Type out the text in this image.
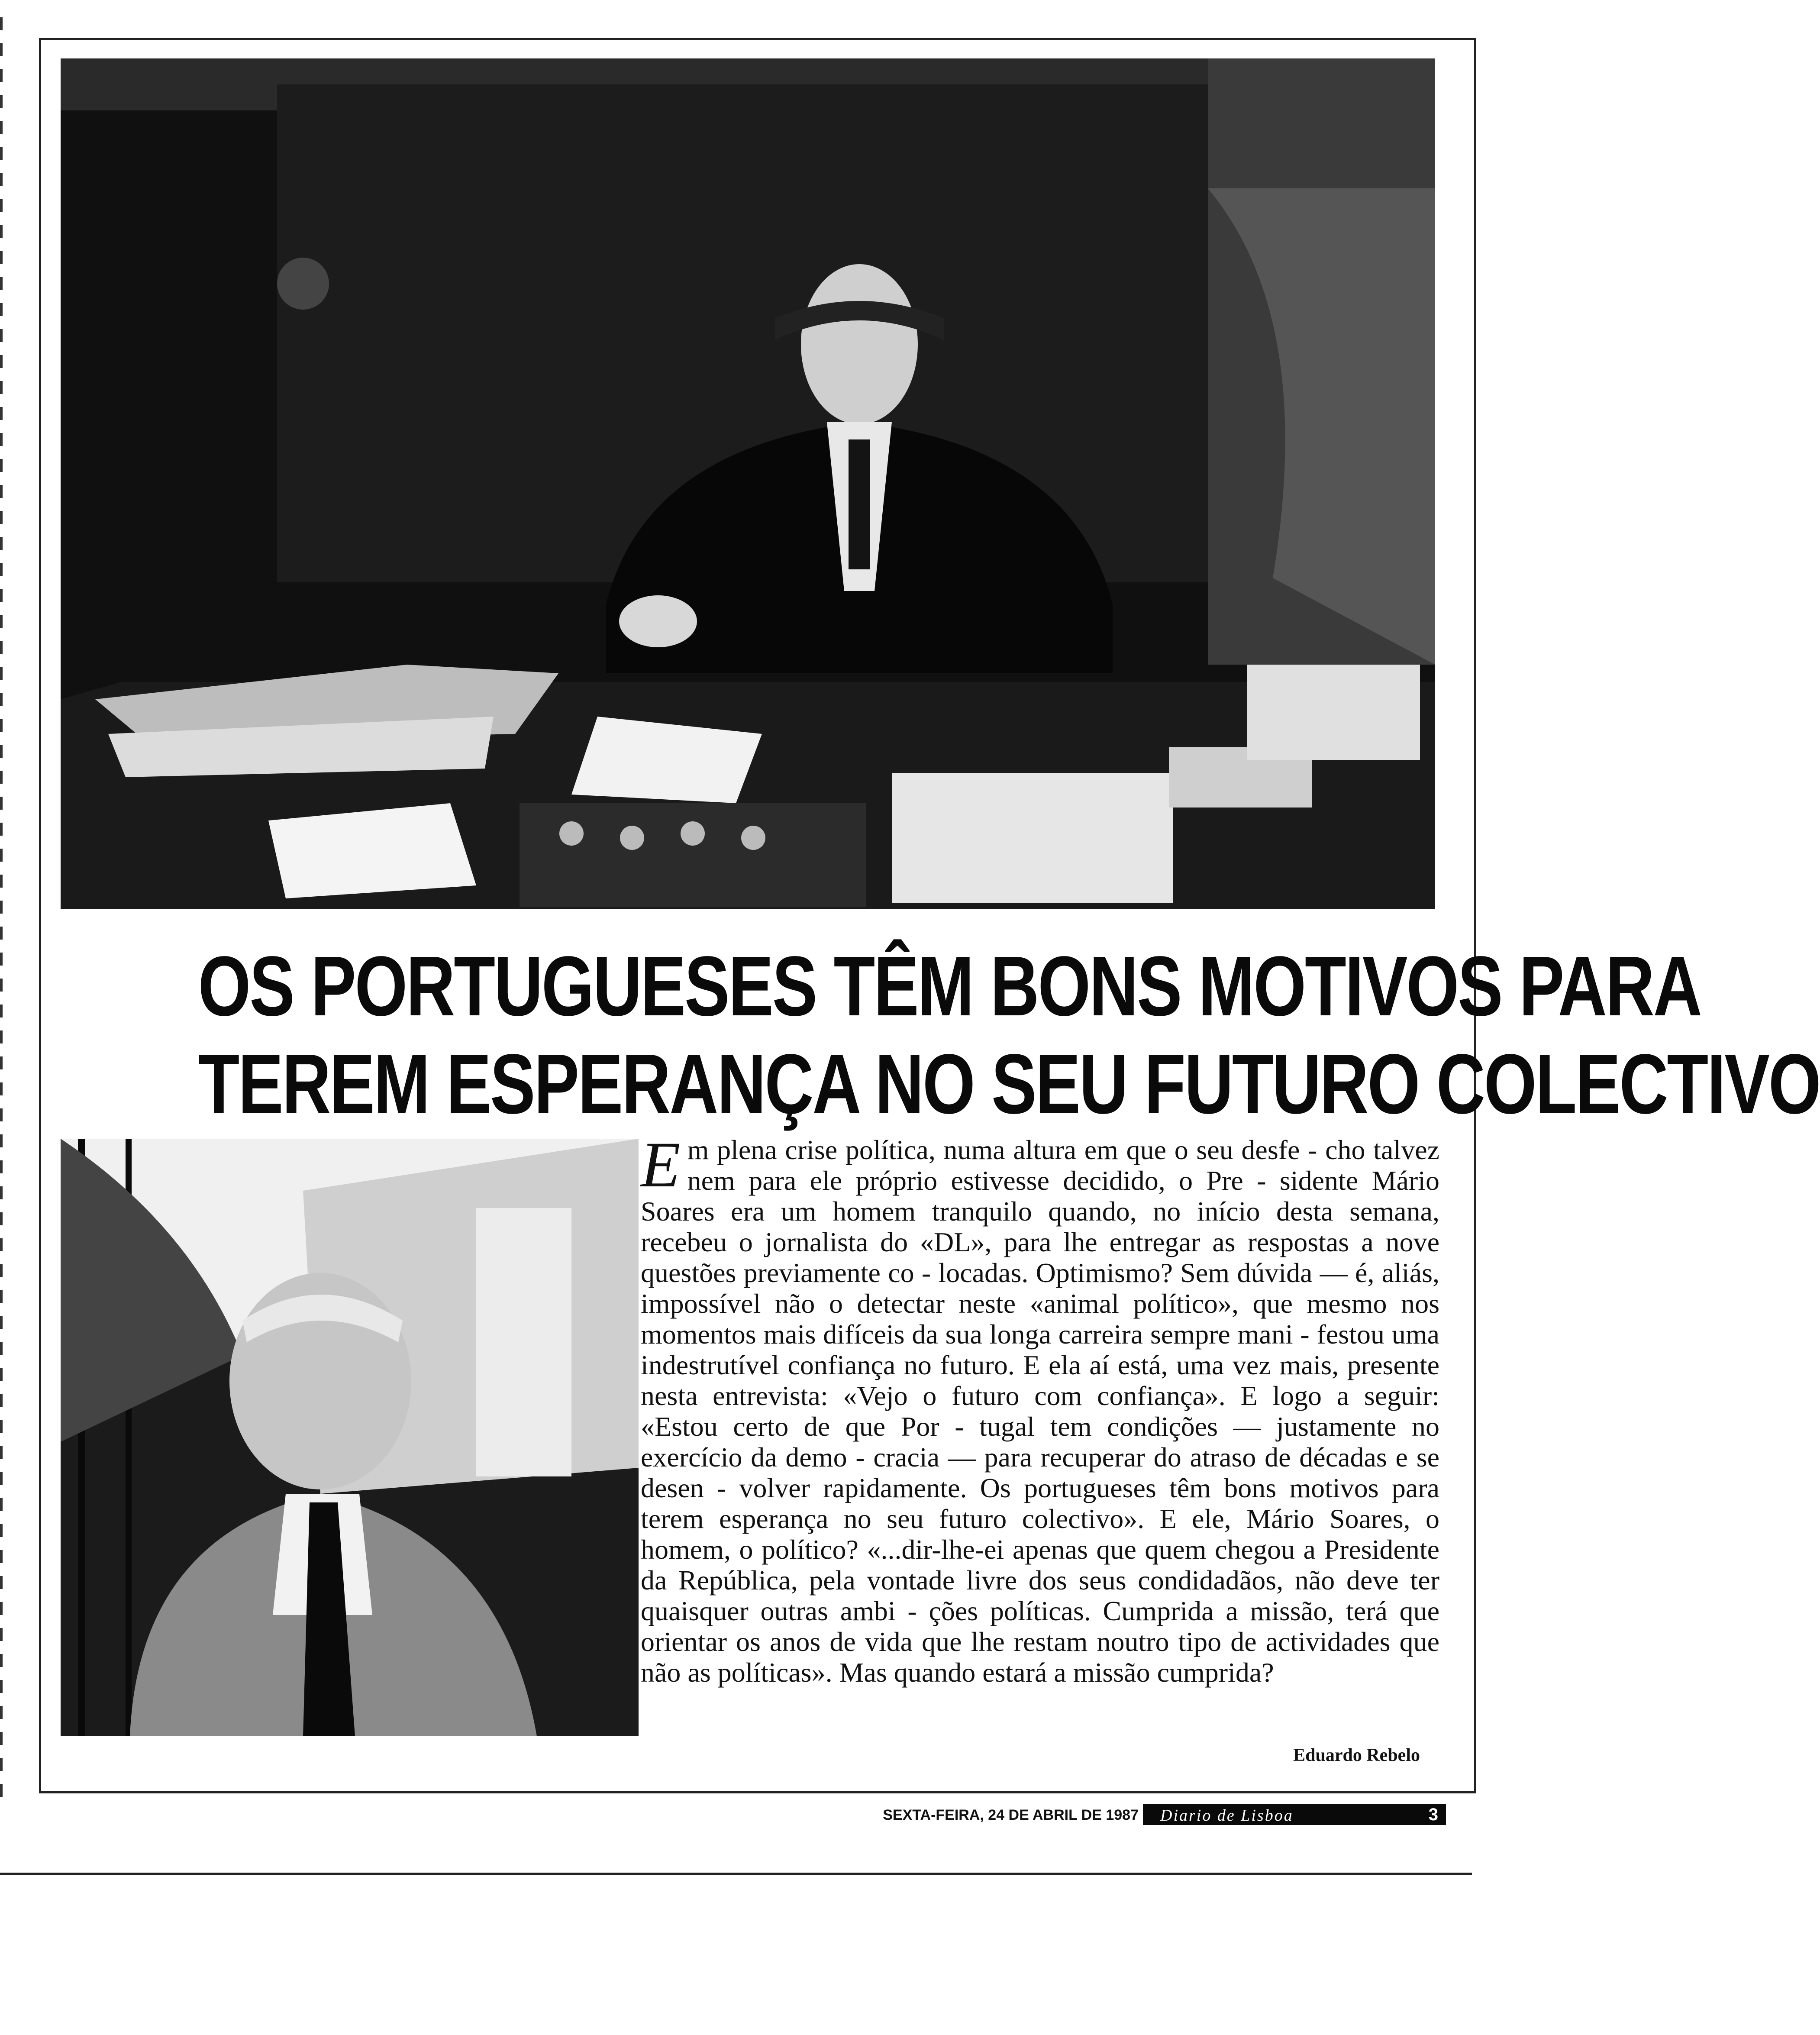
OS PORTUGUESES TÊM BONS MOTIVOS PARA
TEREM ESPERANÇA NO SEU FUTURO COLECTIVO

E m plena crise política, numa altura em que o seu desfe - cho talvez nem para ele próprio estivesse decidido, o Pre - sidente Mário Soares era um homem tranquilo quando, no início desta semana, recebeu o jornalista do «DL», para lhe entregar as respostas a nove questões previamente co - locadas. Optimismo? Sem dúvida — é, aliás, impossível não o detectar neste «animal político», que mesmo nos momentos mais difíceis da sua longa carreira sempre mani - festou uma indestrutível confiança no futuro. E ela aí está, uma vez mais, presente nesta entrevista: «Vejo o futuro com confiança». E logo a seguir: «Estou certo de que Por - tugal tem condições — justamente no exercício da demo - cracia — para recuperar do atraso de décadas e se desen - volver rapidamente. Os portugueses têm bons motivos para terem esperança no seu futuro colectivo». E ele, Mário Soares, o homem, o político? «...dir-lhe-ei apenas que quem chegou a Presidente da República, pela vontade livre dos seus condidadãos, não deve ter quaisquer outras ambi - ções políticas. Cumprida a missão, terá que orientar os anos de vida que lhe restam noutro tipo de actividades que não as políticas». Mas quando estará a missão cumprida?

Eduardo Rebelo
SEXTA-FEIRA, 24 DE ABRIL DE 1987 Diario de Lisboa	3
